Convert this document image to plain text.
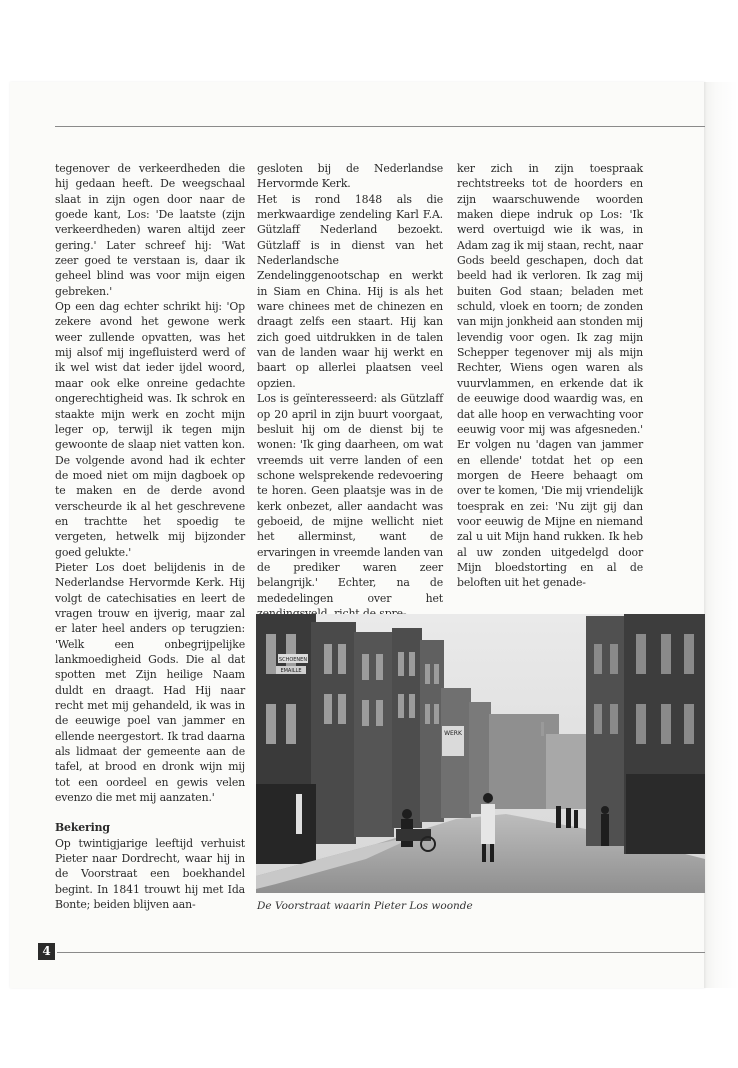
tegenover de verkeerdheden die hij gedaan heeft. De weegschaal slaat in zijn ogen door naar de goede kant, Los: 'De laatste (zijn verkeerdheden) waren altijd zeer gering.' Later schreef hij: 'Wat zeer goed te verstaan is, daar ik geheel blind was voor mijn eigen gebreken.'

Op een dag echter schrikt hij: 'Op zekere avond het gewone werk weer zullende opvatten, was het mij alsof mij ingefluisterd werd of ik wel wist dat ieder ijdel woord, maar ook elke onreine gedachte ongerechtigheid was. Ik schrok en staakte mijn werk en zocht mijn leger op, terwijl ik tegen mijn gewoonte de slaap niet vatten kon. De volgende avond had ik echter de moed niet om mijn dagboek op te maken en de derde avond verscheurde ik al het geschrevene en trachtte het spoedig te vergeten, hetwelk mij bijzonder goed gelukte.'

Pieter Los doet belijdenis in de Nederlandse Hervormde Kerk. Hij volgt de catechisaties en leert de vragen trouw en ijverig, maar zal er later heel anders op terugzien: 'Welk een onbegrijpelijke lankmoedigheid Gods. Die al dat spotten met Zijn heilige Naam duldt en draagt. Had Hij naar recht met mij gehandeld, ik was in de eeuwige poel van jammer en ellende neergestort. Ik trad daarna als lidmaat der gemeente aan de tafel, at brood en dronk wijn mij tot een oordeel en gewis velen evenzo die met mij aanzaten.'

Bekering

Op twintigjarige leeftijd verhuist Pieter naar Dordrecht, waar hij in de Voorstraat een boekhandel begint. In 1841 trouwt hij met Ida Bonte; beiden blijven aan-

gesloten bij de Nederlandse Hervormde Kerk.

Het is rond 1848 als die merkwaardige zendeling Karl F.A. Gützlaff Nederland bezoekt. Gützlaff is in dienst van het Nederlandsche Zendelinggenootschap en werkt in Siam en China. Hij is als het ware chinees met de chinezen en draagt zelfs een staart. Hij kan zich goed uitdrukken in de talen van de landen waar hij werkt en baart op allerlei plaatsen veel opzien.

Los is geïnteresseerd: als Gützlaff op 20 april in zijn buurt voorgaat, besluit hij om de dienst bij te wonen: 'Ik ging daarheen, om wat vreemds uit verre landen of een schone welsprekende redevoering te horen. Geen plaatsje was in de kerk onbezet, aller aandacht was geboeid, de mijne wellicht niet het allerminst, want de ervaringen in vreemde landen van de prediker waren zeer belangrijk.' Echter, na de mededelingen over het

ker zich in zijn toespraak rechtstreeks tot de hoorders en zijn waarschuwende woorden maken diepe indruk op Los: 'Ik werd overtuigd wie ik was, in Adam zag ik mij staan, recht, naar Gods beeld geschapen, doch dat beeld had ik verloren. Ik zag mij buiten God staan; beladen met schuld, vloek en toorn; de zonden van mijn jonkheid aan stonden mij levendig voor ogen. Ik zag mijn Schepper tegenover mij als mijn Rechter, Wiens ogen waren als vuurvlammen, en erkende dat ik de eeuwige dood waardig was, en dat alle hoop en verwachting voor eeuwig voor mij was afgesneden.' Er volgen nu 'dagen van jammer en ellende' totdat het op een morgen de Heere behaagt om over te komen, 'Die mij vriendelijk toesprak en zei: 'Nu zijt gij dan voor eeuwig de Mijne en niemand zal u uit Mijn hand rukken. Ik heb al uw zonden uitgedelgd door Mijn bloedstorting en al de beloften uit het genade-

SCHOENEN
EMAILLE
WERK
De Voorstraat waarin Pieter Los woonde
4
